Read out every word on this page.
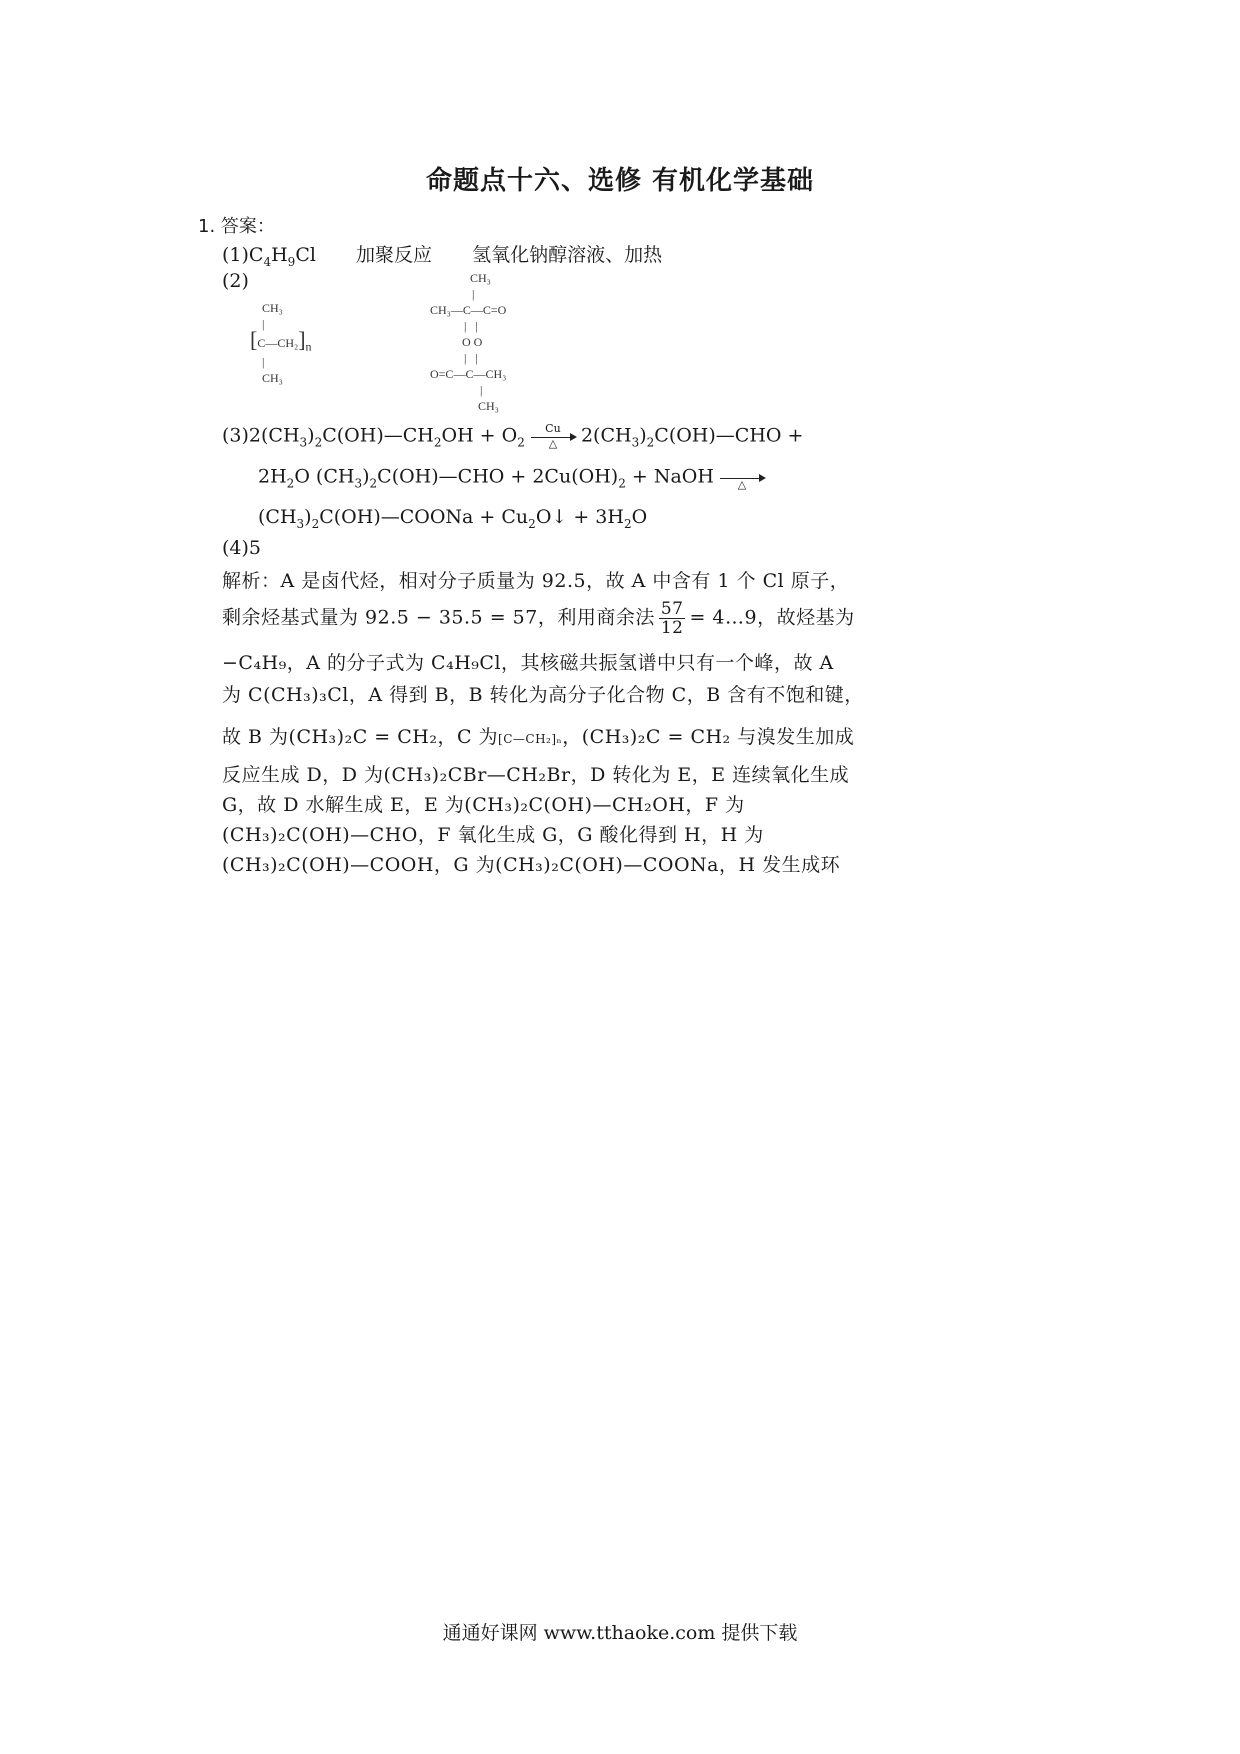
命题点十六、选修 有机化学基础
1. 答案：
$(1)C_4H_9Cl$ 加聚反应 氢氧化钠醇溶液、加热
(2)
CH₃
|
$[C—CH_2]_n$
|
CH₃
CH₃
|
CH₃—C—C=O
|   |
O O
|   |
O=C—C—CH₃
|
CH₃
$(3)2(CH_3)_2C(OH)—CH_2OH + O_2$
Cu
△	$2(CH_3)_2C(OH)—CHO$ +
$2H_2O$ $(CH_3)_2C(OH)—CHO + 2Cu(OH)_2$ + NaOH
	△
$(CH_3)_2C(OH)—COONa$ + $Cu_2O↓ + 3H_2O$
(4)5
解析：A 是卤代烃，相对分子质量为 92.5，故 A 中含有 1 个 Cl 原子，
剩余烃基式量为 92.5 − 35.5 = 57，利用商余法 $\frac{57}{12}$ = 4…9，故烃基为
−C₄H₉，A 的分子式为 C₄H₉Cl，其核磁共振氢谱中只有一个峰，故 A
为 C(CH₃)₃Cl，A 得到 B，B 转化为高分子化合物 C，B 含有不饱和键，
故 B 为(CH₃)₂C = CH₂，C 为[C—CH₂]ₙ，(CH₃)₂C = CH₂ 与溴发生加成
反应生成 D，D 为(CH₃)₂CBr—CH₂Br，D 转化为 E，E 连续氧化生成
G，故 D 水解生成 E，E 为(CH₃)₂C(OH)—CH₂OH，F 为
(CH₃)₂C(OH)—CHO，F 氧化生成 G，G 酸化得到 H，H 为
(CH₃)₂C(OH)—COOH，G 为(CH₃)₂C(OH)—COONa，H 发生成环
通通好课网 www.tthaoke.com 提供下载
